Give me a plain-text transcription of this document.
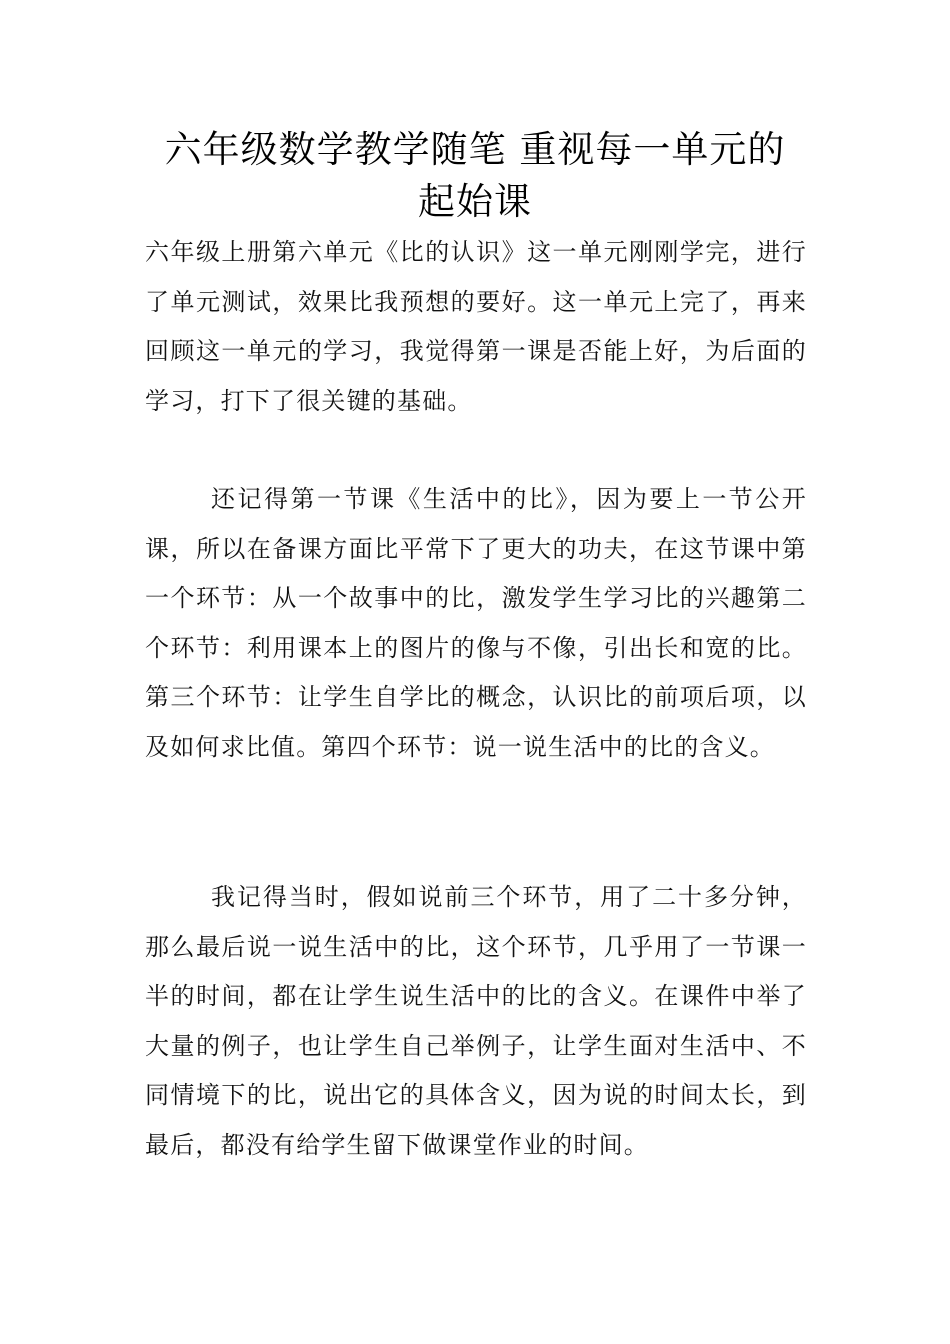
六年级数学教学随笔 重视每一单元的
起始课

六年级上册第六单元《比的认识》这一单元刚刚学完，进行了单元测试，效果比我预想的要好。这一单元上完了，再来回顾这一单元的学习，我觉得第一课是否能上好，为后面的学习，打下了很关键的基础。

还记得第一节课《生活中的比》，因为要上一节公开课，所以在备课方面比平常下了更大的功夫，在这节课中第一个环节：从一个故事中的比，激发学生学习比的兴趣第二个环节：利用课本上的图片的像与不像，引出长和宽的比。第三个环节：让学生自学比的概念，认识比的前项后项，以及如何求比值。第四个环节：说一说生活中的比的含义。

我记得当时，假如说前三个环节，用了二十多分钟，那么最后说一说生活中的比，这个环节，几乎用了一节课一半的时间，都在让学生说生活中的比的含义。在课件中举了大量的例子，也让学生自己举例子，让学生面对生活中、不同情境下的比，说出它的具体含义，因为说的时间太长，到最后，都没有给学生留下做课堂作业的时间。
